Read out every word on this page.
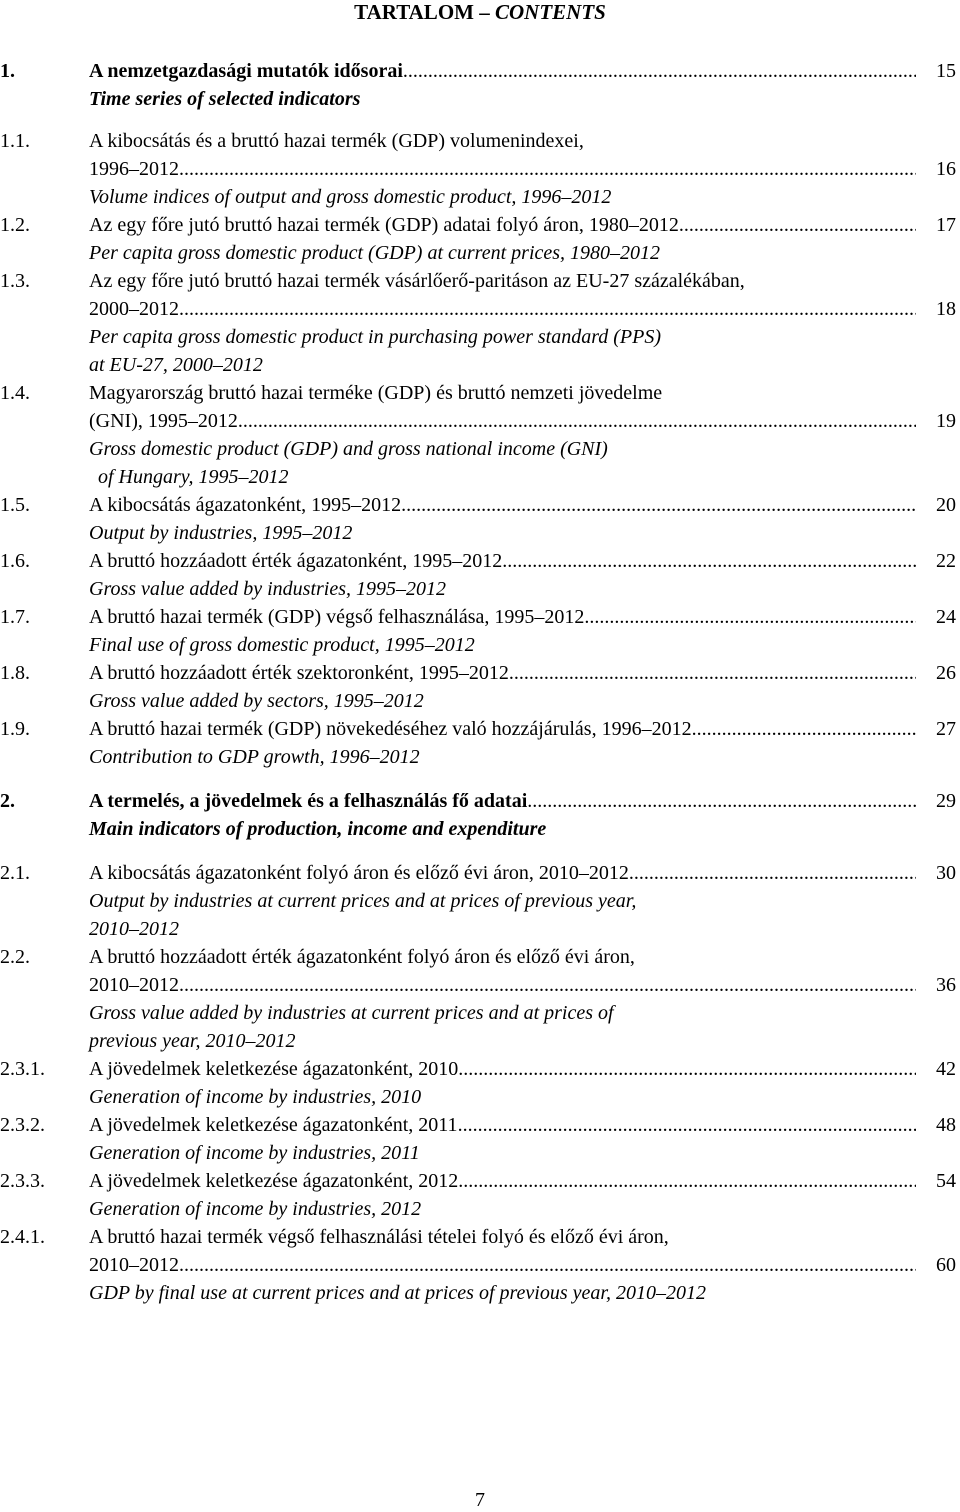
TARTALOM – CONTENTS
1.	A nemzetgazdasági mutatók idősorai .....	15
Time series of selected indicators
1.1.	A kibocsátás és a bruttó hazai termék (GDP) volumenindexei,
1996–2012 .....	16
Volume indices of output and gross domestic product, 1996–2012
1.2.	Az egy főre jutó bruttó hazai termék (GDP) adatai folyó áron, 1980–2012 .....	17
Per capita gross domestic product (GDP) at current prices, 1980–2012
1.3.	Az egy főre jutó bruttó hazai termék vásárlőerő-paritáson az EU-27 százalékában,
2000–2012 .....	18
Per capita gross domestic product in purchasing power standard (PPS)
at EU-27, 2000–2012
1.4.	Magyarország bruttó hazai terméke (GDP) és bruttó nemzeti jövedelme
(GNI), 1995–2012 .....	19
Gross domestic product (GDP) and gross national income (GNI)
of Hungary, 1995–2012
1.5.	A kibocsátás ágazatonként, 1995–2012 .....	20
Output by industries, 1995–2012
1.6.	A bruttó hozzáadott érték ágazatonként, 1995–2012 .....	22
Gross value added by industries, 1995–2012
1.7.	A bruttó hazai termék (GDP) végső felhasználása, 1995–2012 .....	24
Final use of gross domestic product, 1995–2012
1.8.	A bruttó hozzáadott érték szektoronként, 1995–2012 .....	26
Gross value added by sectors, 1995–2012
1.9.	A bruttó hazai termék (GDP) növekedéséhez való hozzájárulás, 1996–2012 .....	27
Contribution to GDP growth, 1996–2012
2.	A termelés, a jövedelmek és a felhasználás fő adatai .....	29
Main indicators of production, income and expenditure
2.1.	A kibocsátás ágazatonként folyó áron és előző évi áron, 2010–2012 .....	30
Output by industries at current prices and at prices of previous year,
2010–2012
2.2.	A bruttó hozzáadott érték ágazatonként folyó áron és előző évi áron,
2010–2012 .....	36
Gross value added by industries at current prices and at prices of
previous year, 2010–2012
2.3.1. A jövedelmek keletkezése ágazatonként, 2010 .....	42
Generation of income by industries, 2010
2.3.2. A jövedelmek keletkezése ágazatonként, 2011 .....	48
Generation of income by industries, 2011
2.3.3. A jövedelmek keletkezése ágazatonként, 2012 .....	54
Generation of income by industries, 2012
2.4.1. A bruttó hazai termék végső felhasználási tételei folyó és előző évi áron,
2010–2012 .....	60
GDP by final use at current prices and at prices of previous year, 2010–2012
7
